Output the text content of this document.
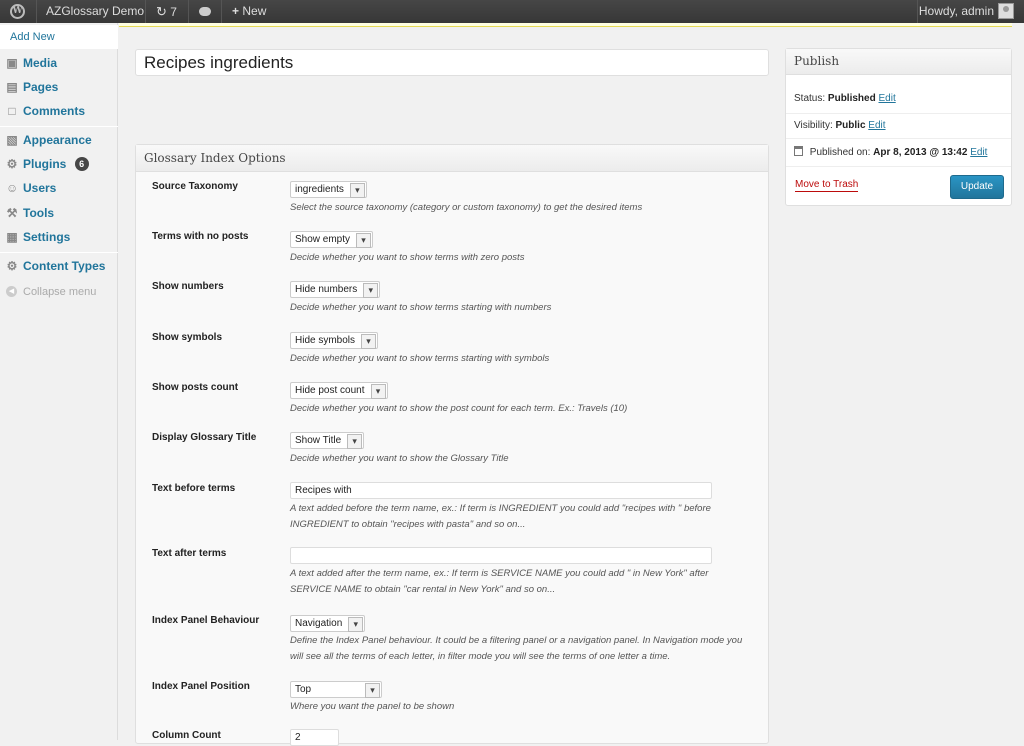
W AZGlossary Demo ↻ 7	+ New	Howdy, admin
Add New
▣ Media
▤ Pages
□ Comments
▧ Appearance
⚙ Plugins 6
☺ Users
⚒ Tools
▦ Settings
⚙ Content Types
◀ Collapse menu
Recipes ingredients
Glossary Index Options
Source Taxonomy	ingredients ▾
Select the source taxonomy (category or custom taxonomy) to get the desired items
Terms with no posts	Show empty ▾
Decide whether you want to show terms with zero posts
Show numbers	Hide numbers ▾
Decide whether you want to show terms starting with numbers
Show symbols	Hide symbols ▾
Decide whether you want to show terms starting with symbols
Show posts count	Hide post count ▾
Decide whether you want to show the post count for each term. Ex.: Travels (10)
Display Glossary Title	Show Title ▾
Decide whether you want to show the Glossary Title
Text before terms	Recipes with
A text added before the term name, ex.: If term is INGREDIENT you could add "recipes with " before INGREDIENT to obtain "recipes with pasta" and so on...
Text after terms
A text added after the term name, ex.: If term is SERVICE NAME you could add " in New York" after SERVICE NAME to obtain "car rental in New York" and so on...
Index Panel Behaviour	Navigation ▾
Define the Index Panel behaviour. It could be a filtering panel or a navigation panel. In Navigation mode you will see all the terms of each letter, in filter mode you will see the terms of one letter a time.
Index Panel Position	Top ▾
Where you want the panel to be shown
Column Count	2
Publish
Status: Published Edit
Visibility: Public Edit
Published on: Apr 8, 2013 @ 13:42 Edit
Move to Trash	Update
